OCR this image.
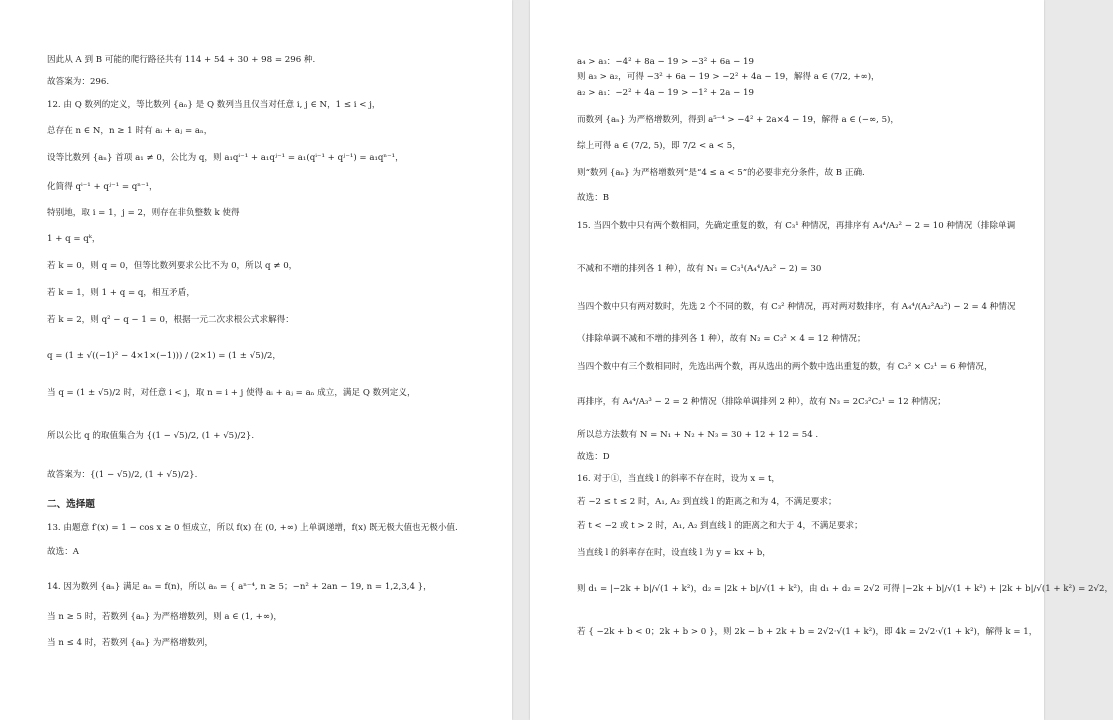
因此从 A 到 B 可能的爬行路径共有 114 + 54 + 30 + 98 = 296 种.
故答案为：296.
12. 由 Q 数列的定义，等比数列 {aₙ} 是 Q 数列当且仅当对任意 i, j ∈ N，1 ≤ i < j，
总存在 n ∈ N，n ≥ 1 时有 aᵢ + aⱼ = aₙ，
设等比数列 {aₙ} 首项 a₁ ≠ 0，公比为 q，则 a₁qⁱ⁻¹ + a₁qʲ⁻¹ = a₁(qⁱ⁻¹ + qʲ⁻¹) = a₁qⁿ⁻¹，
化简得 qⁱ⁻¹ + qʲ⁻¹ = qⁿ⁻¹，
特别地，取 i = 1，j = 2，则存在非负整数 k 使得
1 + q = qᵏ，
若 k = 0，则 q = 0，但等比数列要求公比不为 0，所以 q ≠ 0，
若 k = 1，则 1 + q = q，相互矛盾，
若 k = 2，则 q² − q − 1 = 0，根据一元二次求根公式求解得：
q = (1 ± √((−1)² − 4×1×(−1))) / (2×1) = (1 ± √5)/2，
当 q = (1 ± √5)/2 时，对任意 i < j，取 n = i + j 使得 aᵢ + aⱼ = aₙ 成立，满足 Q 数列定义，
所以公比 q 的取值集合为 {(1 − √5)/2, (1 + √5)/2}.
故答案为：{(1 − √5)/2, (1 + √5)/2}.
二、选择题
13. 由题意 f′(x) = 1 − cos x ≥ 0 恒成立，所以 f(x) 在 (0, +∞) 上单调递增，f(x) 既无极大值也无极小值.
故选：A
14. 因为数列 {aₙ} 满足 aₙ = f(n)，所以 aₙ = { aⁿ⁻⁴, n ≥ 5；−n² + 2an − 19, n = 1,2,3,4 }，
当 n ≥ 5 时，若数列 {aₙ} 为严格增数列，则 a ∈ (1, +∞)，
当 n ≤ 4 时，若数列 {aₙ} 为严格增数列，
a₄ > a₃：−4² + 8a − 19 > −3² + 6a − 19
则 a₃ > a₂，可得 −3² + 6a − 19 > −2² + 4a − 19，解得 a ∈ (7/2, +∞)，
a₂ > a₁：−2² + 4a − 19 > −1² + 2a − 19
而数列 {aₙ} 为严格增数列，得到 a⁵⁻⁴ > −4² + 2a×4 − 19，解得 a ∈ (−∞, 5)，
综上可得 a ∈ (7/2, 5)，即 7/2 < a < 5，
则“数列 {aₙ} 为严格增数列”是“4 ≤ a < 5”的必要非充分条件，故 B 正确.
故选：B
15. 当四个数中只有两个数相同，先确定重复的数，有 C₃¹ 种情况，再排序有 A₄⁴/A₂² − 2 = 10 种情况（排除单调
不减和不增的排列各 1 种），故有 N₁ = C₃¹(A₄⁴/A₂² − 2) = 30
当四个数中只有两对数时，先选 2 个不同的数，有 C₃² 种情况，再对两对数排序，有 A₄⁴/(A₂²A₂²) − 2 = 4 种情况
（排除单调不减和不增的排列各 1 种），故有 N₂ = C₃² × 4 = 12 种情况；
当四个数中有三个数相同时，先选出两个数，再从选出的两个数中选出重复的数，有 C₃² × C₂¹ = 6 种情况，
再排序，有 A₄⁴/A₃³ − 2 = 2 种情况（排除单调排列 2 种），故有 N₃ = 2C₃²C₂¹ = 12 种情况；
所以总方法数有 N = N₁ + N₂ + N₃ = 30 + 12 + 12 = 54 .
故选：D
16. 对于①，当直线 l 的斜率不存在时，设为 x = t，
若 −2 ≤ t ≤ 2 时，A₁, A₂ 到直线 l 的距离之和为 4，不满足要求；
若 t < −2 或 t > 2 时，A₁, A₂ 到直线 l 的距离之和大于 4，不满足要求；
当直线 l 的斜率存在时，设直线 l 为 y = kx + b，
则 d₁ = |−2k + b|/√(1 + k²)，d₂ = |2k + b|/√(1 + k²)，由 d₁ + d₂ = 2√2 可得 |−2k + b|/√(1 + k²) + |2k + b|/√(1 + k²) = 2√2，
若 { −2k + b < 0；2k + b > 0 }，则 2k − b + 2k + b = 2√2·√(1 + k²)，即 4k = 2√2·√(1 + k²)，解得 k = 1，
